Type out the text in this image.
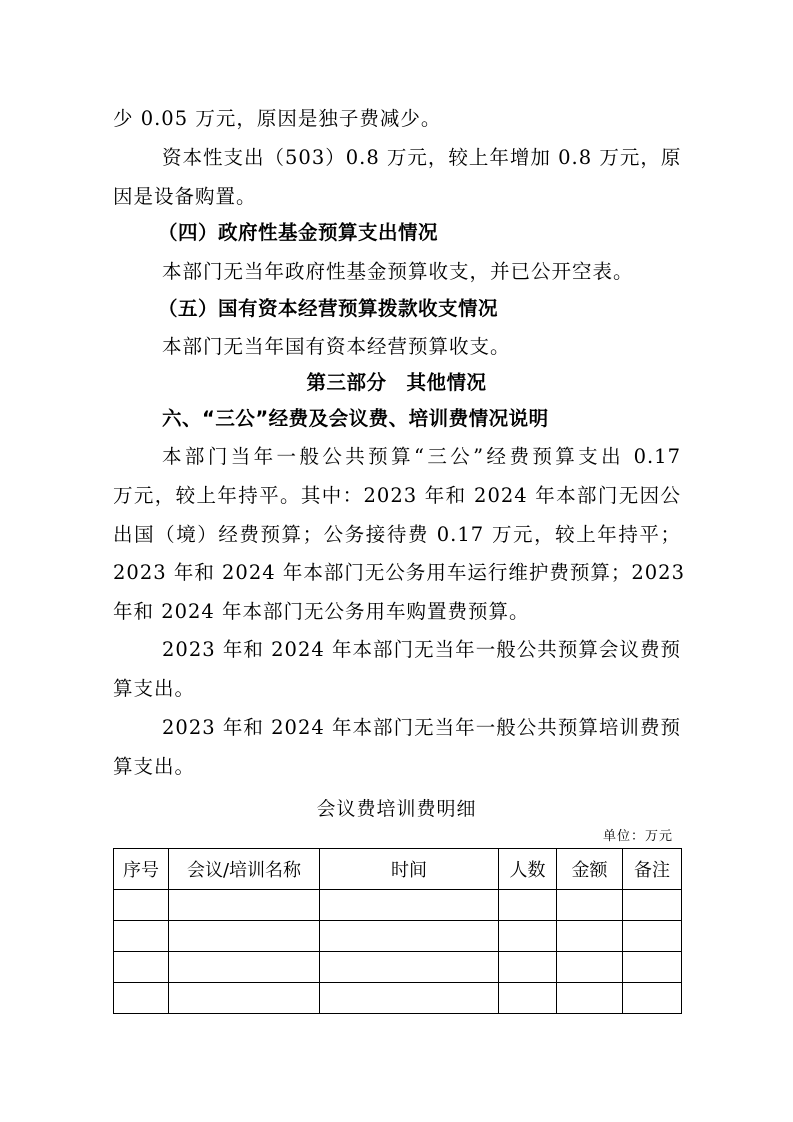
少 0.05 万元，原因是独子费减少。
资本性支出（503）0.8 万元，较上年增加 0.8 万元，原
因是设备购置。
（四）政府性基金预算支出情况
本部门无当年政府性基金预算收支，并已公开空表。
（五）国有资本经营预算拨款收支情况
本部门无当年国有资本经营预算收支。
第三部分　其他情况
六、“三公”经费及会议费、培训费情况说明
本部门当年一般公共预算“三公”经费预算支出 0.17
万元，较上年持平。其中：2023 年和 2024 年本部门无因公
出国（境）经费预算；公务接待费 0.17 万元，较上年持平；
2023 年和 2024 年本部门无公务用车运行维护费预算；2023
年和 2024 年本部门无公务用车购置费预算。
2023 年和 2024 年本部门无当年一般公共预算会议费预
算支出。
2023 年和 2024 年本部门无当年一般公共预算培训费预
算支出。
会议费培训费明细
单位：万元
序号	会议/培训名称	时间	人数	金额	备注
